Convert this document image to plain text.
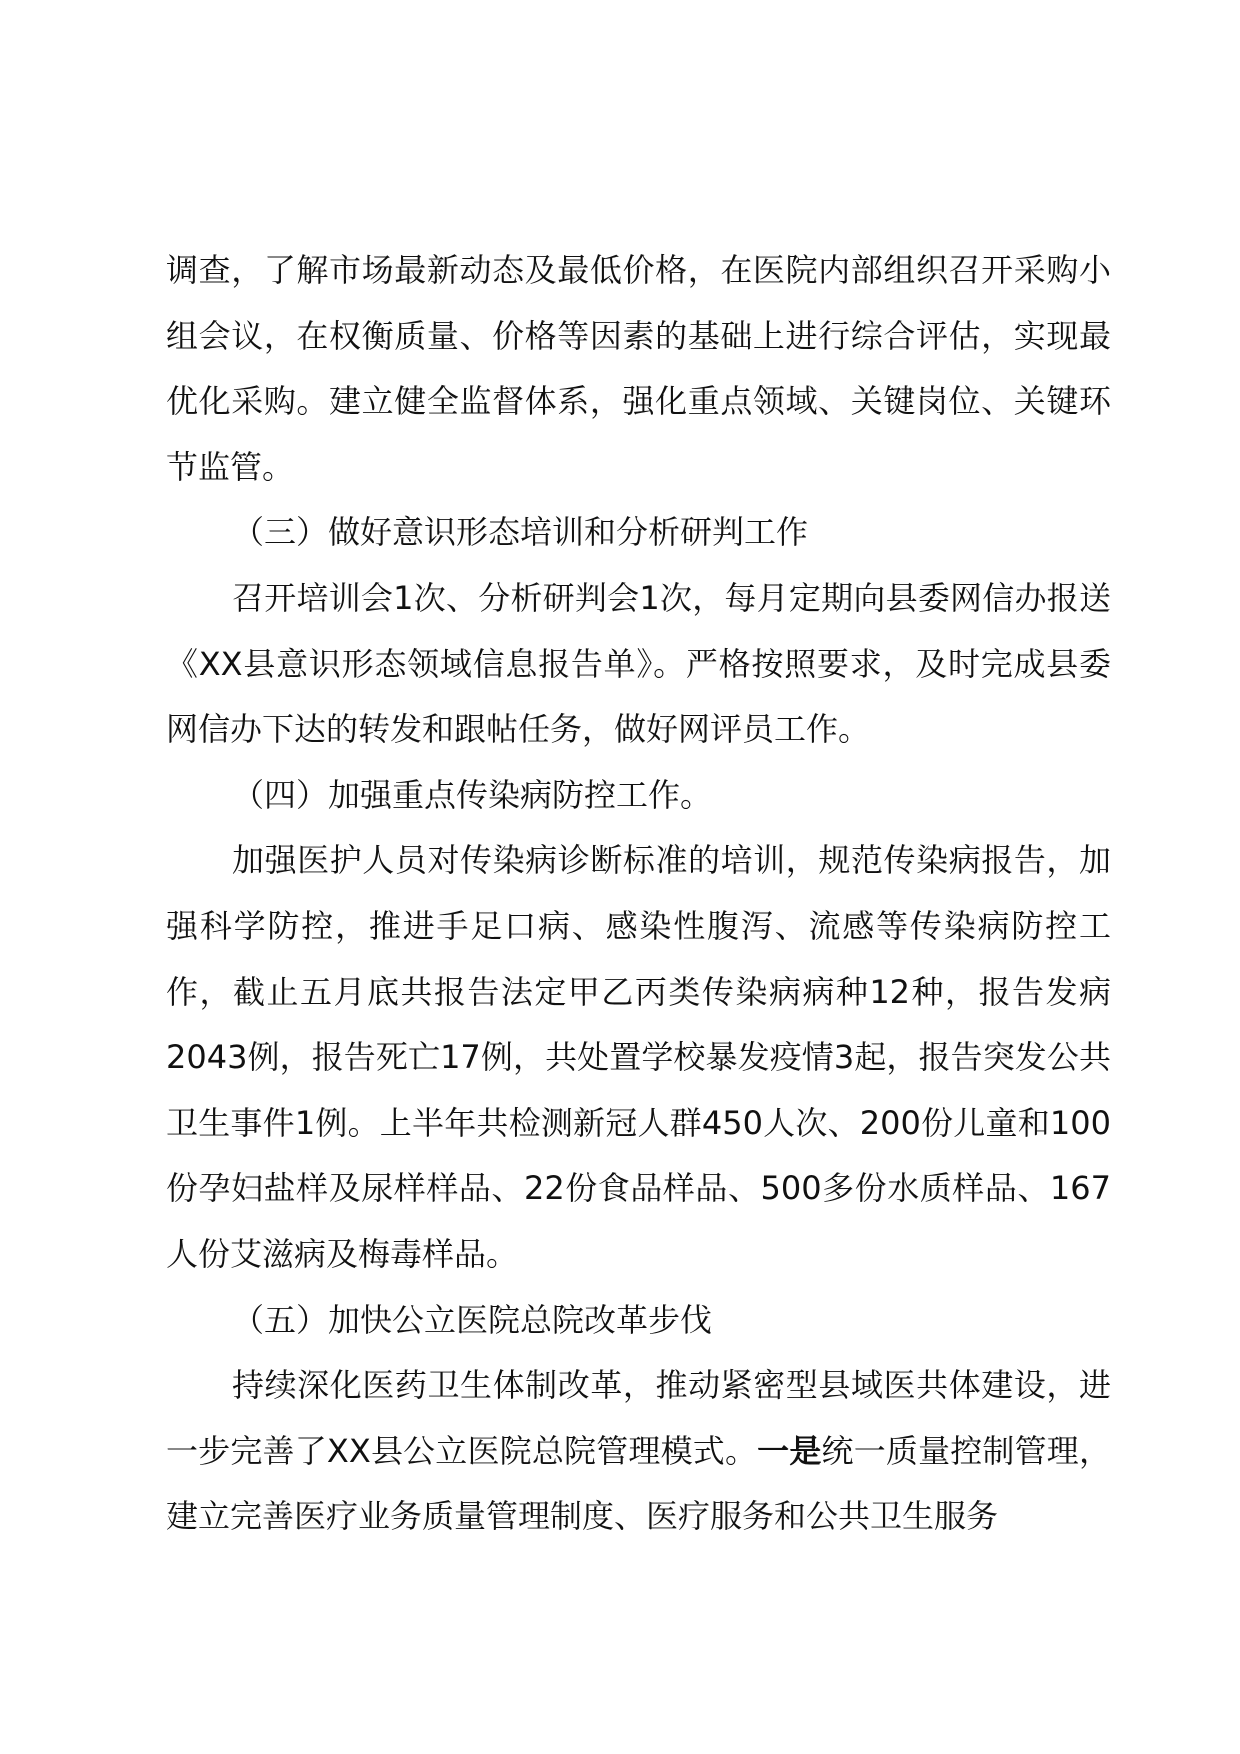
调查，了解市场最新动态及最低价格，在医院内部组织召开采购小组会议，在权衡质量、价格等因素的基础上进行综合评估，实现最优化采购。建立健全监督体系，强化重点领域、关键岗位、关键环节监管。

（三）做好意识形态培训和分析研判工作

召开培训会1次、分析研判会1次，每月定期向县委网信办报送《XX县意识形态领域信息报告单》。严格按照要求，及时完成县委网信办下达的转发和跟帖任务，做好网评员工作。

（四）加强重点传染病防控工作。

加强医护人员对传染病诊断标准的培训，规范传染病报告，加强科学防控，推进手足口病、感染性腹泻、流感等传染病防控工作，截止五月底共报告法定甲乙丙类传染病病种12种，报告发病2043例，报告死亡17例，共处置学校暴发疫情3起，报告突发公共卫生事件1例。上半年共检测新冠人群450人次、200份儿童和100份孕妇盐样及尿样样品、22份食品样品、500多份水质样品、167人份艾滋病及梅毒样品。

（五）加快公立医院总院改革步伐

持续深化医药卫生体制改革，推动紧密型县域医共体建设，进一步完善了XX县公立医院总院管理模式。一是统一质量控制管理，建立完善医疗业务质量管理制度、医疗服务和公共卫生服务
